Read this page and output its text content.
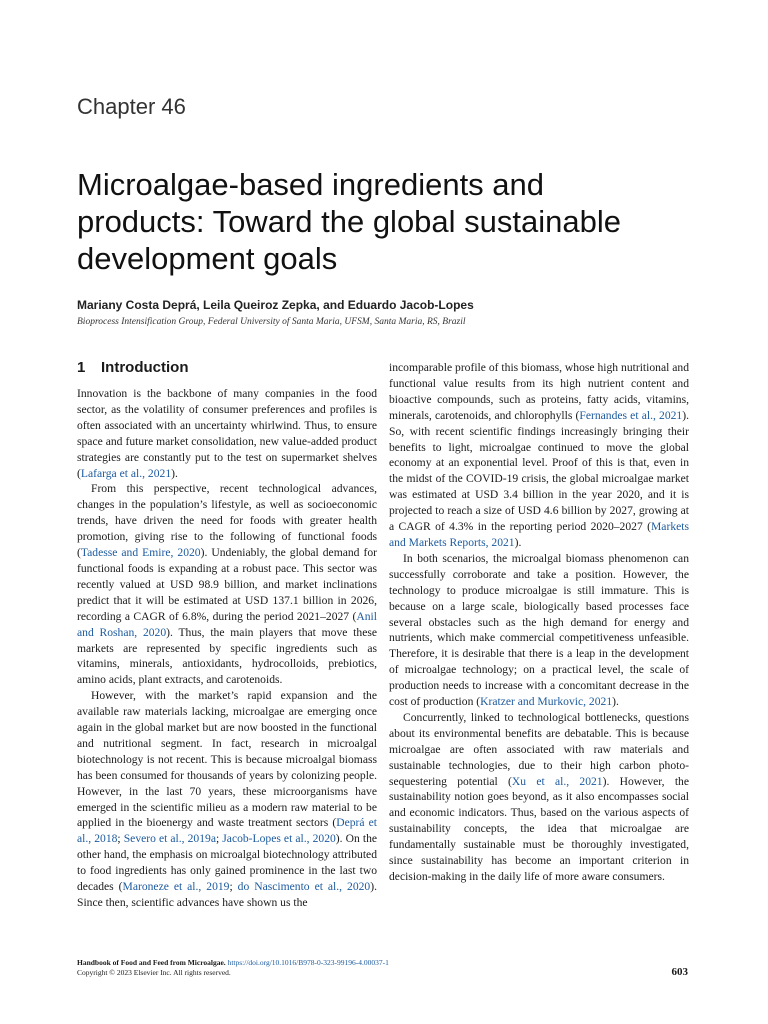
Chapter 46
Microalgae-based ingredients and products: Toward the global sustainable development goals
Mariany Costa Deprá, Leila Queiroz Zepka, and Eduardo Jacob-Lopes
Bioprocess Intensification Group, Federal University of Santa Maria, UFSM, Santa Maria, RS, Brazil
1 Introduction

Innovation is the backbone of many companies in the food sector, as the volatility of consumer preferences and profiles is often associated with an uncertainty whirlwind. Thus, to ensure space and future market consolidation, new value-added product strategies are constantly put to the test on supermarket shelves (Lafarga et al., 2021).

From this perspective, recent technological advances, changes in the population’s lifestyle, as well as socioeconomic trends, have driven the need for foods with greater health promotion, giving rise to the following of functional foods (Tadesse and Emire, 2020). Undeniably, the global demand for functional foods is expanding at a robust pace. This sector was recently valued at USD 98.9 billion, and market inclinations predict that it will be estimated at USD 137.1 billion in 2026, recording a CAGR of 6.8%, during the period 2021–2027 (Anil and Roshan, 2020). Thus, the main players that move these markets are represented by specific ingredients such as vitamins, minerals, antioxidants, hydrocolloids, prebiotics, amino acids, plant extracts, and carotenoids.

However, with the market’s rapid expansion and the available raw materials lacking, microalgae are emerging once again in the global market but are now boosted in the functional and nutritional segment. In fact, research in microalgal biotechnology is not recent. This is because microalgal biomass has been consumed for thousands of years by colonizing people. However, in the last 70 years, these microorganisms have emerged in the scientific milieu as a modern raw material to be applied in the bioenergy and waste treatment sectors (Deprá et al., 2018; Severo et al., 2019a; Jacob-Lopes et al., 2020). On the other hand, the emphasis on microalgal biotechnology attributed to food ingredients has only gained prominence in the last two decades (Maroneze et al., 2019; do Nascimento et al., 2020). Since then, scientific advances have shown us the

incomparable profile of this biomass, whose high nutritional and functional value results from its high nutrient content and bioactive compounds, such as proteins, fatty acids, vitamins, minerals, carotenoids, and chlorophylls (Fernandes et al., 2021). So, with recent scientific findings increasingly bringing their benefits to light, microalgae continued to move the global economy at an exponential level. Proof of this is that, even in the midst of the COVID-19 crisis, the global microalgae market was estimated at USD 3.4 billion in the year 2020, and it is projected to reach a size of USD 4.6 billion by 2027, growing at a CAGR of 4.3% in the reporting period 2020–2027 (Markets and Markets Reports, 2021).

In both scenarios, the microalgal biomass phenomenon can successfully corroborate and take a position. However, the technology to produce microalgae is still immature. This is because on a large scale, biologically based processes face several obstacles such as the high demand for energy and nutrients, which make commercial competitiveness unfeasible. Therefore, it is desirable that there is a leap in the development of microalgae technology; on a practical level, the scale of production needs to increase with a concomitant decrease in the cost of production (Kratzer and Murkovic, 2021).

Concurrently, linked to technological bottlenecks, questions about its environmental benefits are debatable. This is because microalgae are often associated with raw materials and sustainable technologies, due to their high carbon photo-sequestering potential (Xu et al., 2021). However, the sustainability notion goes beyond, as it also encompasses social and economic indicators. Thus, based on the various aspects of sustainability concepts, the idea that microalgae are fundamentally sustainable must be thoroughly investigated, since sustainability has become an important criterion in decision-making in the daily life of more aware consumers.

Handbook of Food and Feed from Microalgae. https://doi.org/10.1016/B978-0-323-99196-4.00037-1
Copyright © 2023 Elsevier Inc. All rights reserved.	603
